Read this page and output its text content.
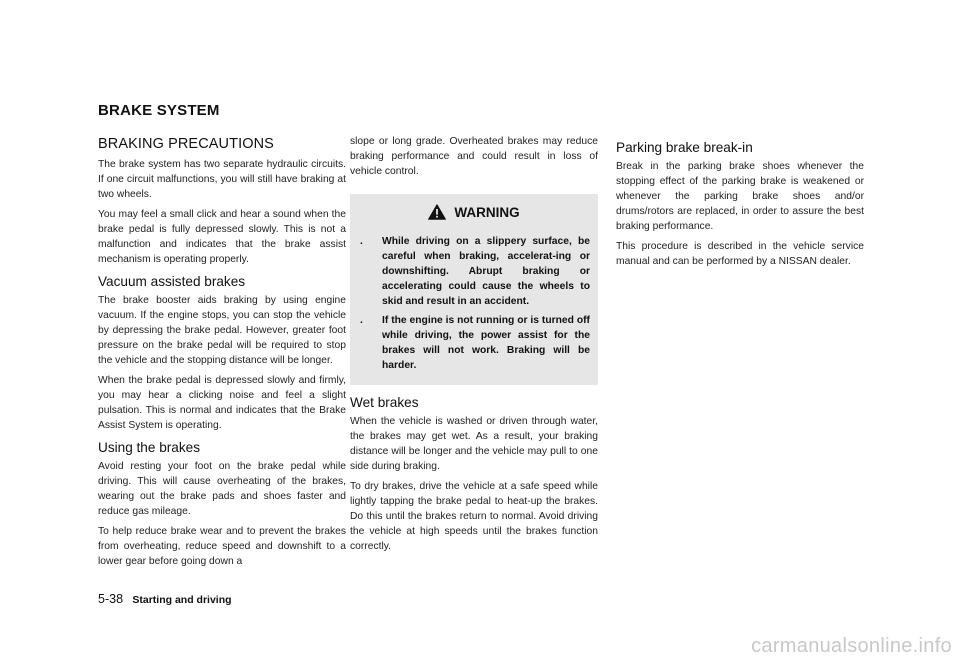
BRAKE SYSTEM
BRAKING PRECAUTIONS

The brake system has two separate hydraulic circuits. If one circuit malfunctions, you will still have braking at two wheels.

You may feel a small click and hear a sound when the brake pedal is fully depressed slowly. This is not a malfunction and indicates that the brake assist mechanism is operating properly.

Vacuum assisted brakes

The brake booster aids braking by using engine vacuum. If the engine stops, you can stop the vehicle by depressing the brake pedal. However, greater foot pressure on the brake pedal will be required to stop the vehicle and the stopping distance will be longer.

When the brake pedal is depressed slowly and firmly, you may hear a clicking noise and feel a slight pulsation. This is normal and indicates that the Brake Assist System is operating.

Using the brakes

Avoid resting your foot on the brake pedal while driving. This will cause overheating of the brakes, wearing out the brake pads and shoes faster and reduce gas mileage.

To help reduce brake wear and to prevent the brakes from overheating, reduce speed and downshift to a lower gear before going down a

slope or long grade. Overheated brakes may reduce braking performance and could result in loss of vehicle control.

WARNING
.	While driving on a slippery surface, be careful when braking, accelerat-ing or downshifting. Abrupt braking or accelerating could cause the wheels to skid and result in an accident.
.	If the engine is not running or is turned off while driving, the power assist for the brakes will not work. Braking will be harder.
Wet brakes

When the vehicle is washed or driven through water, the brakes may get wet. As a result, your braking distance will be longer and the vehicle may pull to one side during braking.

To dry brakes, drive the vehicle at a safe speed while lightly tapping the brake pedal to heat-up the brakes. Do this until the brakes return to normal. Avoid driving the vehicle at high speeds until the brakes function correctly.

Parking brake break-in

Break in the parking brake shoes whenever the stopping effect of the parking brake is weakened or whenever the parking brake shoes and/or drums/rotors are replaced, in order to assure the best braking performance.

This procedure is described in the vehicle service manual and can be performed by a NISSAN dealer.

5-38 Starting and driving
carmanualsonline.info
